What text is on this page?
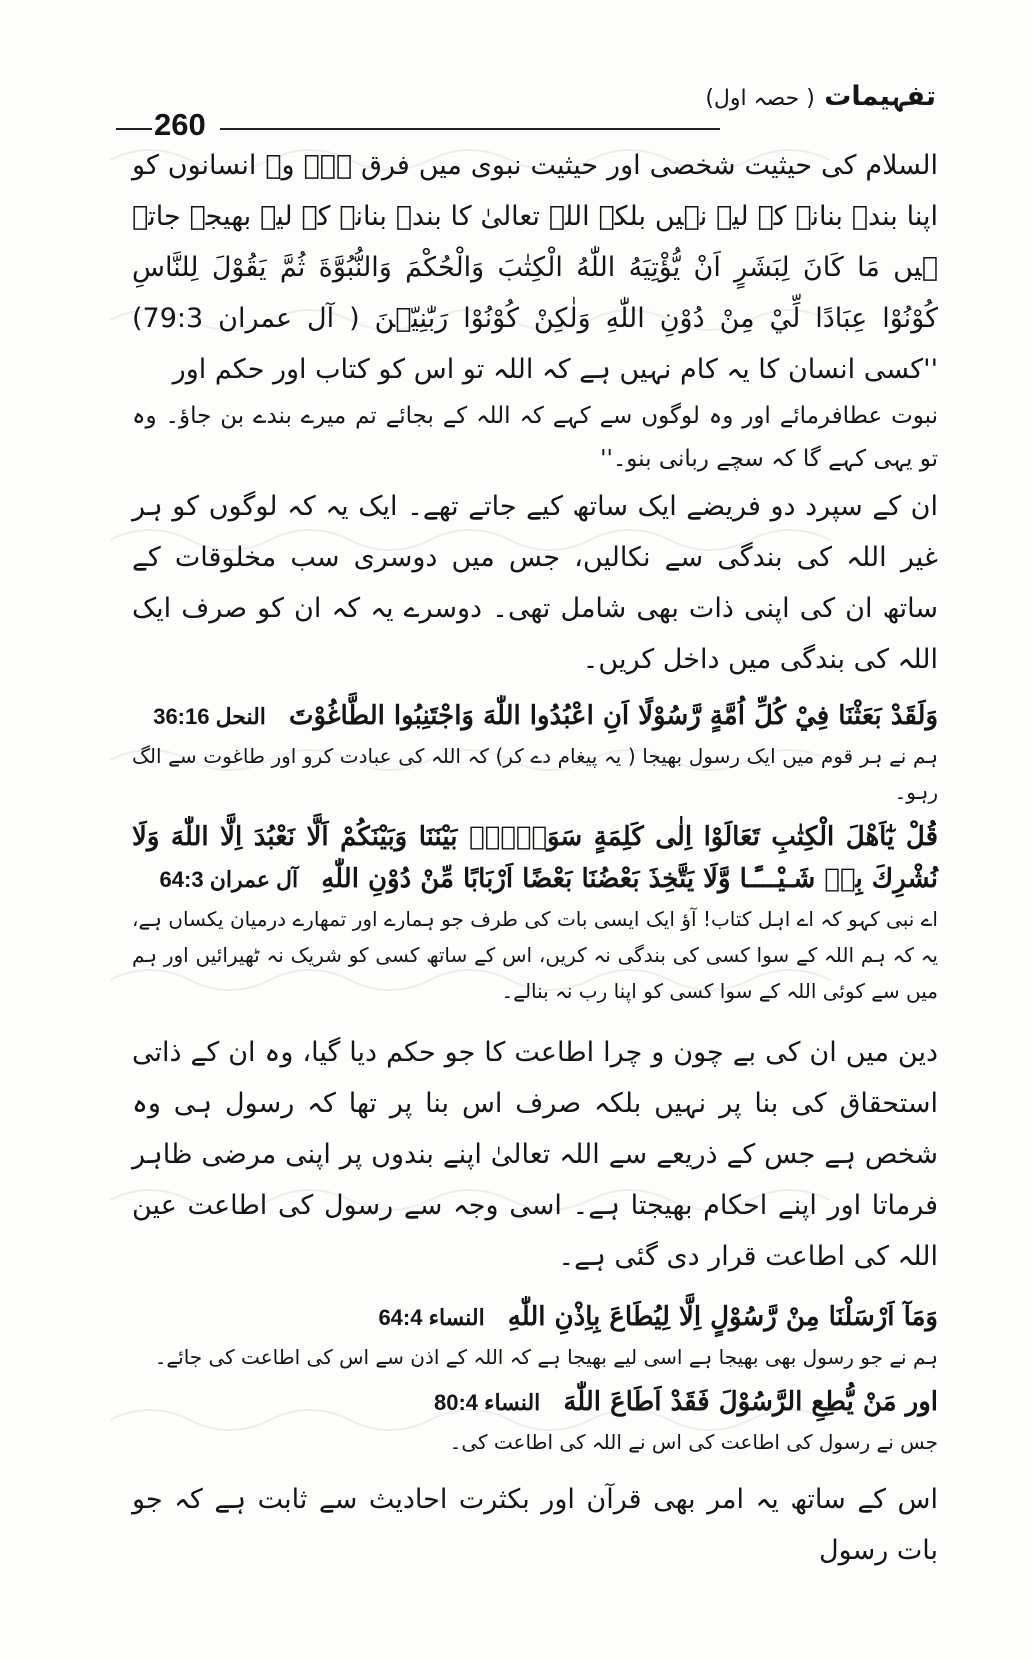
260
تفہیمات ( حصہ اول)

السلام کی حیثیت شخصی اور حیثیت نبوی میں فرق ہے۔ وہ انسانوں کو اپنا بندہ بنانے کے لیے نہیں بلکہ اللہ تعالیٰ کا بندہ بنانے کے لیے بھیجے جاتے ہیں مَا كَانَ لِبَشَرٍ اَنْ يُّؤْتِيَهُ اللّٰهُ الْكِتٰبَ وَالْحُكْمَ وَالنُّبُوَّةَ ثُمَّ يَقُوْلَ لِلنَّاسِ كُوْنُوْا عِبَادًا لِّيْ مِنْ دُوْنِ اللّٰهِ وَلٰكِنْ كُوْنُوْا رَبّٰنِيّٖنَ ( آل عمران 79:3) ''کسی انسان کا یہ کام نہیں ہے کہ اللہ تو اس کو کتاب اور حکم اور

نبوت عطافرمائے اور وہ لوگوں سے کہے کہ اللہ کے بجائے تم میرے بندے بن جاؤ۔ وہ تو یہی کہے گا کہ سچے ربانی بنو۔''

ان کے سپرد دو فریضے ایک ساتھ کیے جاتے تھے۔ ایک یہ کہ لوگوں کو ہر غیر اللہ کی بندگی سے نکالیں، جس میں دوسری سب مخلوقات کے ساتھ ان کی اپنی ذات بھی شامل تھی۔ دوسرے یہ کہ ان کو صرف ایک اللہ کی بندگی میں داخل کریں۔

وَلَقَدْ بَعَثْنَا فِيْ كُلِّ اُمَّةٍ رَّسُوْلًا اَنِ اعْبُدُوا اللّٰهَ وَاجْتَنِبُوا الطَّاغُوْتَ النحل 36:16

ہم نے ہر قوم میں ایک رسول بھیجا ( یہ پیغام دے کر) کہ اللہ کی عبادت کرو اور طاغوت سے الگ رہو۔

قُلْ يٰٓاَهْلَ الْكِتٰبِ تَعَالَوْا اِلٰى كَلِمَةٍ سَوَاۗءٍۢ بَيْنَنَا وَبَيْنَكُمْ اَلَّا نَعْبُدَ اِلَّا اللّٰهَ وَلَا نُشْرِكَ بِهٖ شَـيْـــًٔـا وَّلَا يَتَّخِذَ بَعْضُنَا بَعْضًا اَرْبَابًا مِّنْ دُوْنِ اللّٰهِ آل عمران 64:3

اے نبی کہو کہ اے اہل کتاب! آؤ ایک ایسی بات کی طرف جو ہمارے اور تمھارے درمیان یکساں ہے، یہ کہ ہم اللہ کے سوا کسی کی بندگی نہ کریں، اس کے ساتھ کسی کو شریک نہ ٹھیرائیں اور ہم میں سے کوئی اللہ کے سوا کسی کو اپنا رب نہ بنالے۔

دین میں ان کی بے چون و چرا اطاعت کا جو حکم دیا گیا، وہ ان کے ذاتی استحقاق کی بنا پر نہیں بلکہ صرف اس بنا پر تھا کہ رسول ہی وہ شخص ہے جس کے ذریعے سے اللہ تعالیٰ اپنے بندوں پر اپنی مرضی ظاہر فرماتا اور اپنے احکام بھیجتا ہے۔ اسی وجہ سے رسول کی اطاعت عین اللہ کی اطاعت قرار دی گئی ہے۔

وَمَآ اَرْسَلْنَا مِنْ رَّسُوْلٍ اِلَّا لِيُطَاعَ بِاِذْنِ اللّٰهِ النساء 64:4

ہم نے جو رسول بھی بھیجا ہے اسی لیے بھیجا ہے کہ اللہ کے اذن سے اس کی اطاعت کی جائے۔

اور مَنْ يُّطِعِ الرَّسُوْلَ فَقَدْ اَطَاعَ اللّٰهَ النساء 80:4

جس نے رسول کی اطاعت کی اس نے اللہ کی اطاعت کی۔

اس کے ساتھ یہ امر بھی قرآن اور بکثرت احادیث سے ثابت ہے کہ جو بات رسول
